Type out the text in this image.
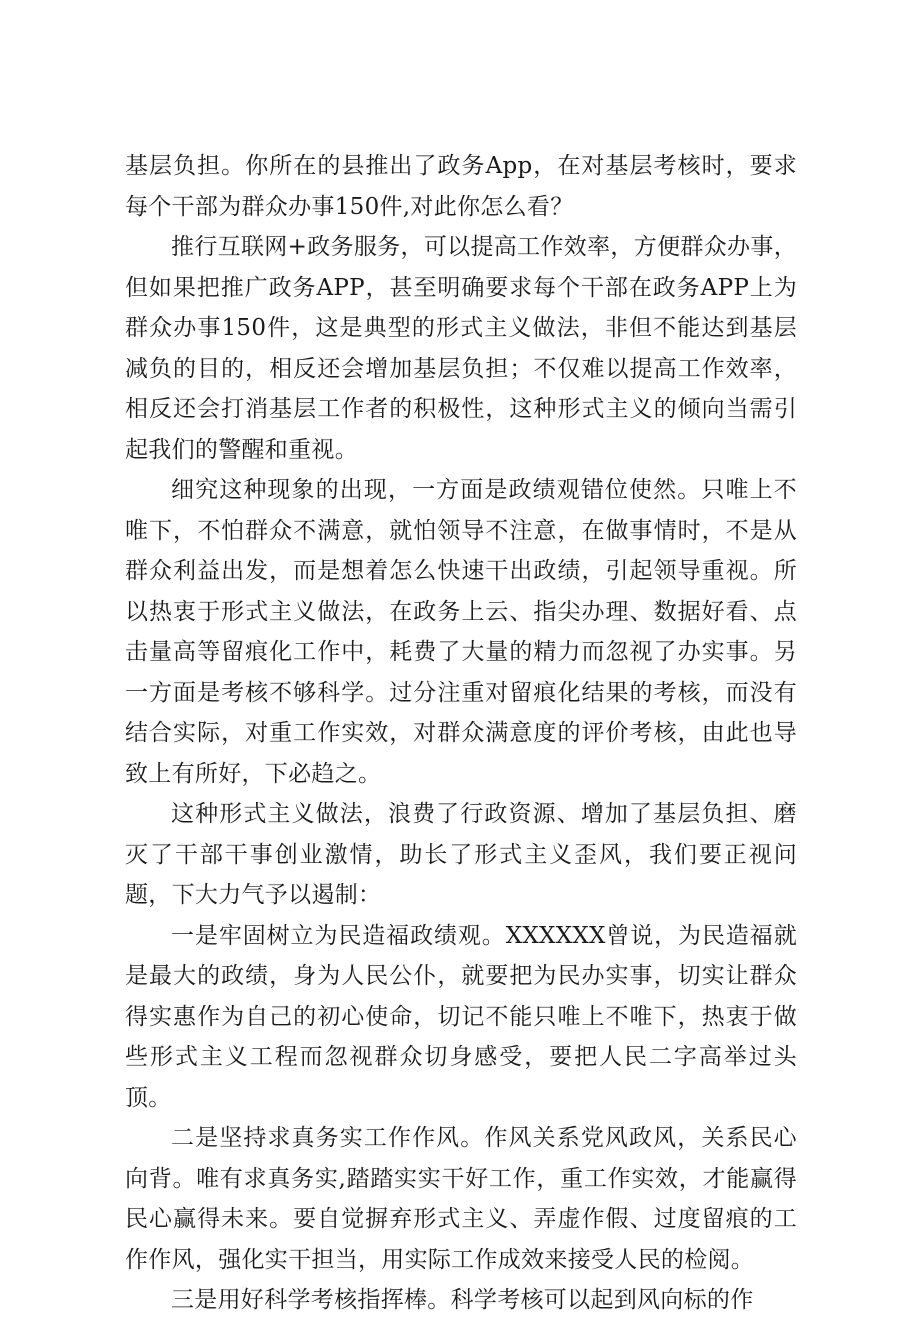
基层负担。你所在的县推出了政务App，在对基层考核时，要求每个干部为群众办事150件,对此你怎么看？

推行互联网+政务服务，可以提高工作效率，方便群众办事，但如果把推广政务APP，甚至明确要求每个干部在政务APP上为群众办事150件，这是典型的形式主义做法，非但不能达到基层减负的目的，相反还会增加基层负担；不仅难以提高工作效率，相反还会打消基层工作者的积极性，这种形式主义的倾向当需引起我们的警醒和重视。

细究这种现象的出现，一方面是政绩观错位使然。只唯上不唯下，不怕群众不满意，就怕领导不注意，在做事情时，不是从群众利益出发，而是想着怎么快速干出政绩，引起领导重视。所以热衷于形式主义做法，在政务上云、指尖办理、数据好看、点击量高等留痕化工作中，耗费了大量的精力而忽视了办实事。另一方面是考核不够科学。过分注重对留痕化结果的考核，而没有结合实际，对重工作实效，对群众满意度的评价考核，由此也导致上有所好，下必趋之。

这种形式主义做法，浪费了行政资源、增加了基层负担、磨灭了干部干事创业激情，助长了形式主义歪风，我们要正视问题，下大力气予以遏制：

一是牢固树立为民造福政绩观。XXXXXX曾说，为民造福就是最大的政绩，身为人民公仆，就要把为民办实事，切实让群众得实惠作为自己的初心使命，切记不能只唯上不唯下，热衷于做些形式主义工程而忽视群众切身感受，要把人民二字高举过头顶。

二是坚持求真务实工作作风。作风关系党风政风，关系民心向背。唯有求真务实,踏踏实实干好工作，重工作实效，才能赢得民心赢得未来。要自觉摒弃形式主义、弄虚作假、过度留痕的工作作风，强化实干担当，用实际工作成效来接受人民的检阅。

三是用好科学考核指挥棒。科学考核可以起到风向标的作
